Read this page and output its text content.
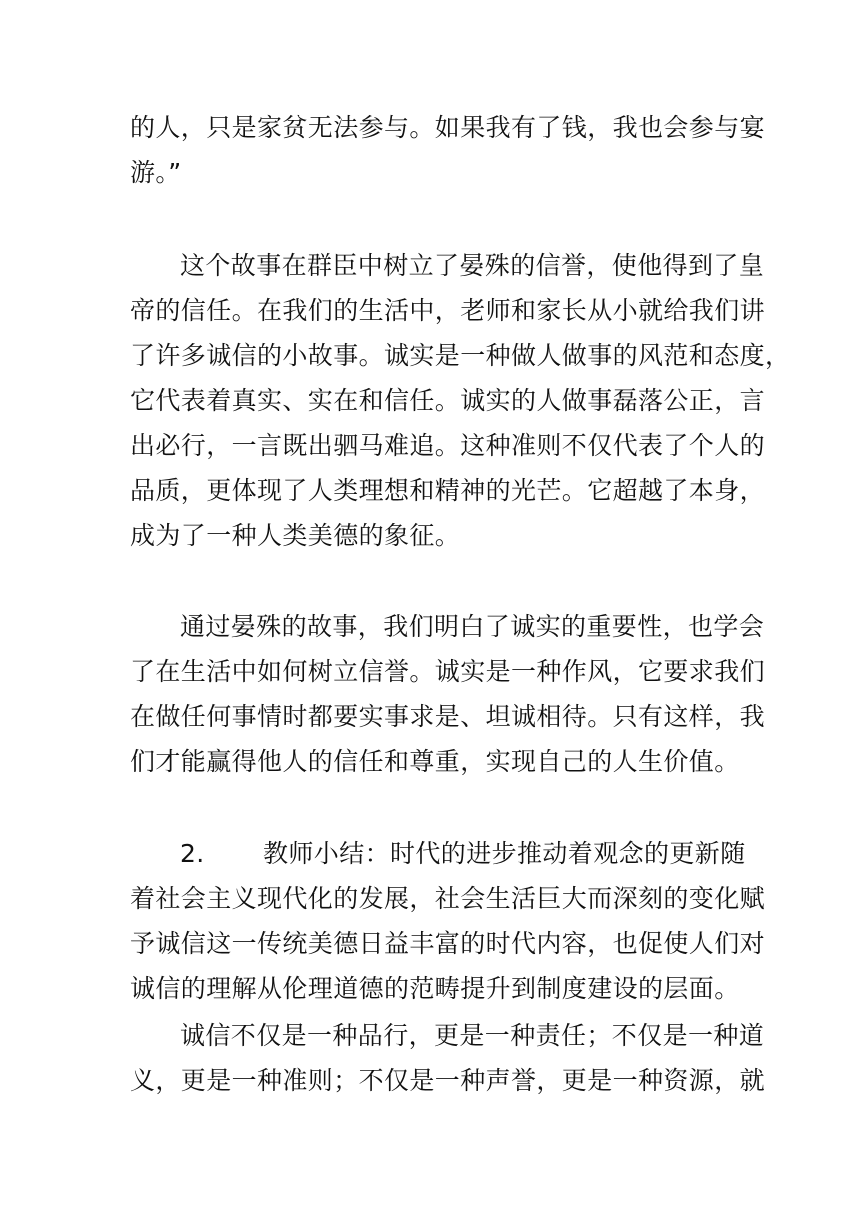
的人，只是家贫无法参与。如果我有了钱，我也会参与宴
游。”
这个故事在群臣中树立了晏殊的信誉，使他得到了皇
帝的信任。在我们的生活中，老师和家长从小就给我们讲
了许多诚信的小故事。诚实是一种做人做事的风范和态度，
它代表着真实、实在和信任。诚实的人做事磊落公正，言
出必行，一言既出驷马难追。这种准则不仅代表了个人的
品质，更体现了人类理想和精神的光芒。它超越了本身，
成为了一种人类美德的象征。
通过晏殊的故事，我们明白了诚实的重要性，也学会
了在生活中如何树立信誉。诚实是一种作风，它要求我们
在做任何事情时都要实事求是、坦诚相待。只有这样，我
们才能赢得他人的信任和尊重，实现自己的人生价值。
2.	教师小结：时代的进步推动着观念的更新随
着社会主义现代化的发展，社会生活巨大而深刻的变化赋
予诚信这一传统美德日益丰富的时代内容，也促使人们对
诚信的理解从伦理道德的范畴提升到制度建设的层面。
诚信不仅是一种品行，更是一种责任；不仅是一种道
义，更是一种准则；不仅是一种声誉，更是一种资源，就
